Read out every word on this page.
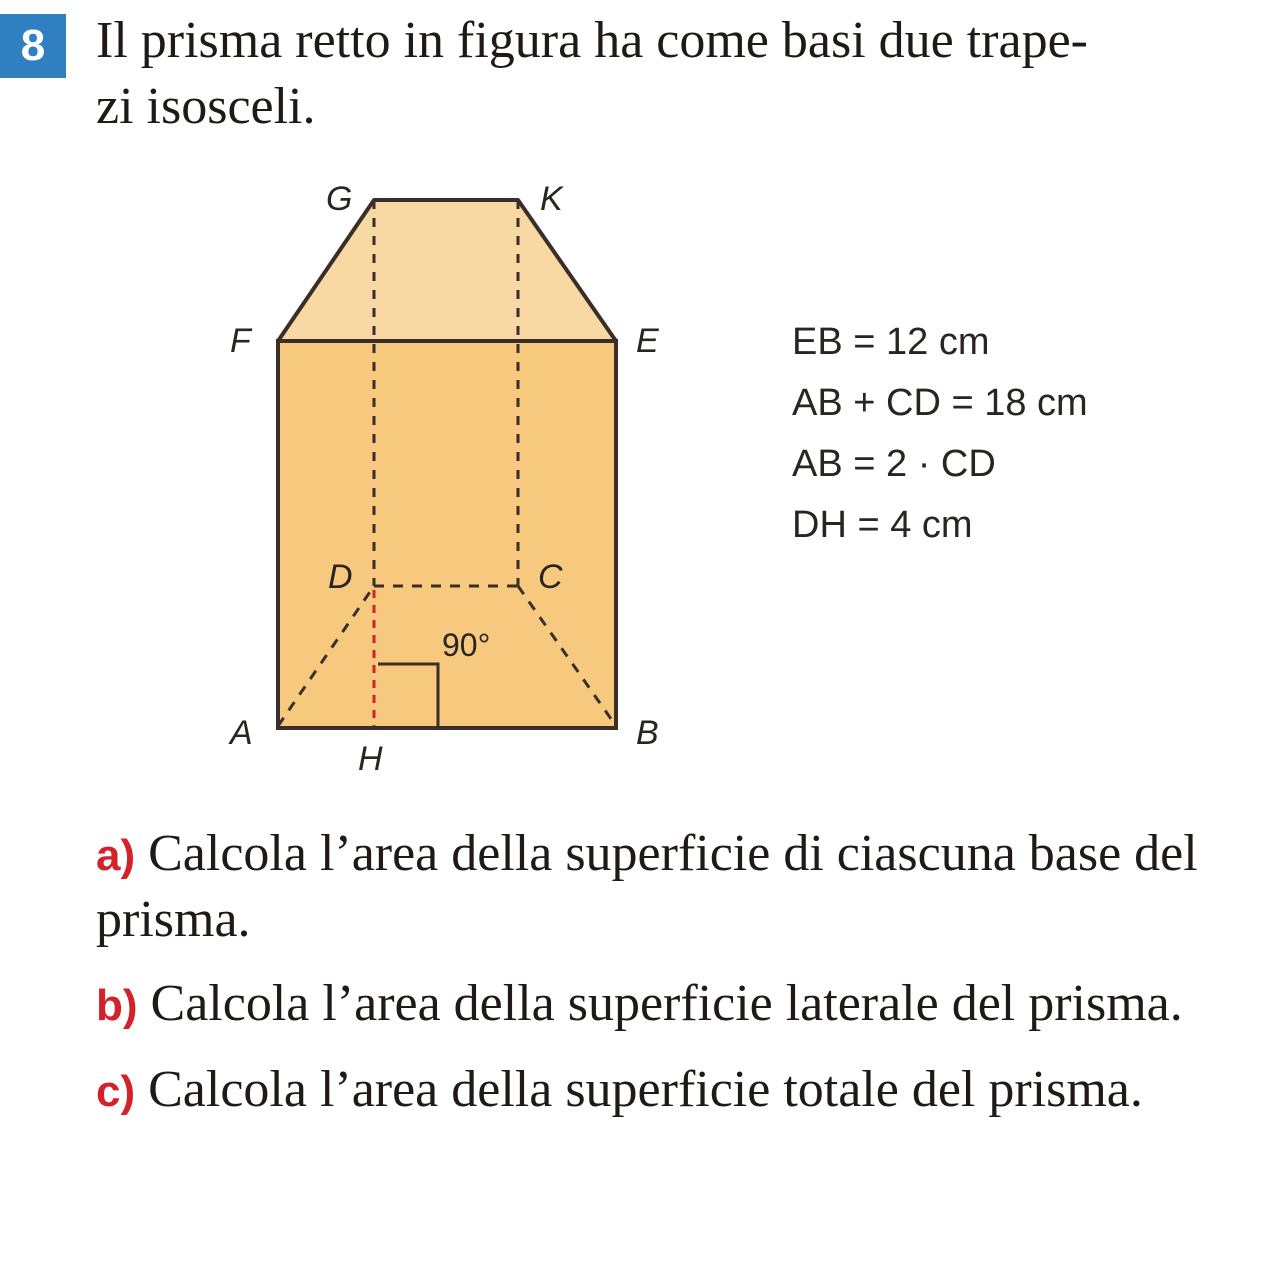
8 Il prisma retto in figura ha come basi due trape-
zi isosceli.

G	K
F	E
D	C
A	B
H
90°
EB = 12 cm
AB + CD = 18 cm
AB = 2 · CD
DH = 4 cm

a) Calcola l’area della superficie di ciascuna base del prisma.

b) Calcola l’area della superficie laterale del prisma.

c) Calcola l’area della superficie totale del prisma.
